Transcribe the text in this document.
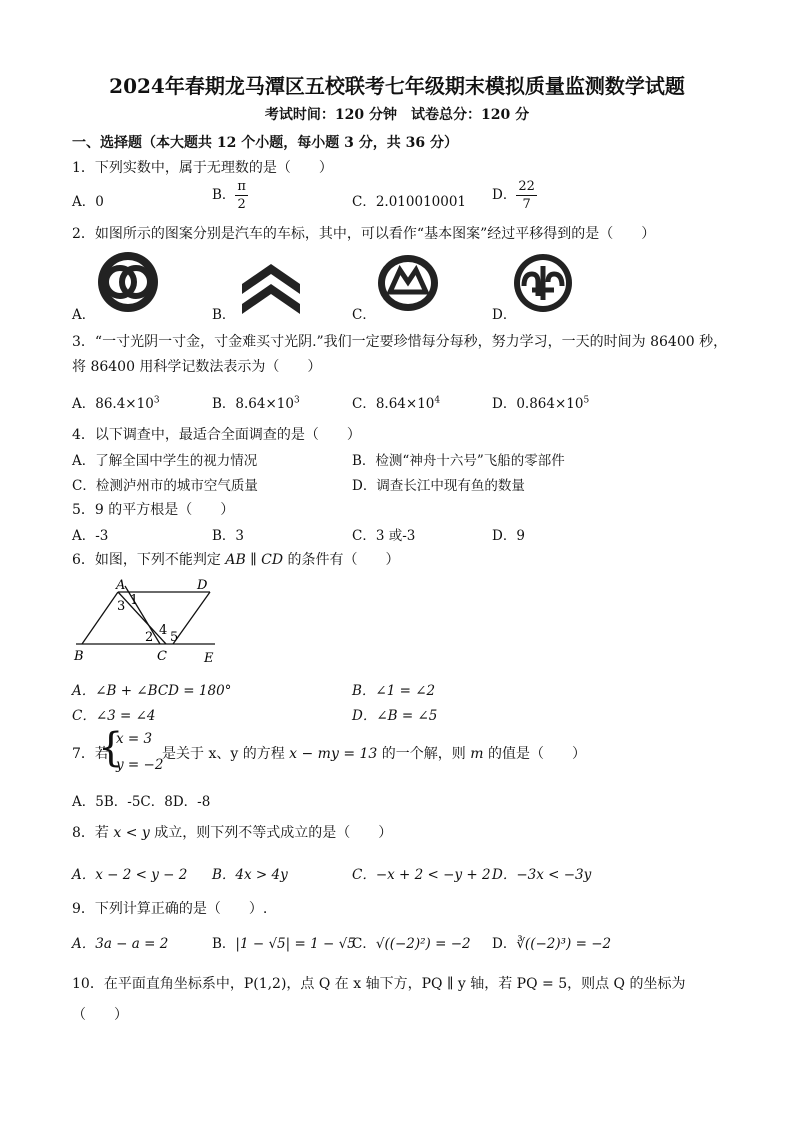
2024年春期龙马潭区五校联考七年级期末模拟质量监测数学试题
考试时间：120 分钟　试卷总分：120 分
一、选择题（本大题共 12 个小题，每小题 3 分，共 36 分）
1．下列实数中，属于无理数的是（　　）
A．0	B． $\frac{\pi}{2}$	C．2.010010001 D． $\frac{22}{7}$
2．如图所示的图案分别是汽车的车标，其中，可以看作“基本图案”经过平移得到的是（　　）
A．	B．	C．	D．
3．“一寸光阴一寸金，寸金难买寸光阴.”我们一定要珍惜每分每秒，努力学习，一天的时间为 86400 秒，
将 86400 用科学记数法表示为（　　）
A．$86.4\times 10^3$	B．$8.64\times 10^3$	C．$8.64\times 10^4$	D．$0.864\times 10^5$
4．以下调查中，最适合全面调查的是（　　）
A．了解全国中学生的视力情况	B．检测“神舟十六号”飞船的零部件
C．检测泸州市的城市空气质量	D．调查长江中现有鱼的数量
5．9 的平方根是（　　）
A．-3	B．3	C．3 或-3	D．9
6．如图，下列不能判定 AB ∥ CD 的条件有（　　）
A	D
B	C	E
1
3
4
2 5
A．∠B + ∠BCD = 180°	B．∠1 = ∠2
C．∠3 = ∠4	D．∠B = ∠5
7．若
{
x = 3
y = −2
是关于 x、y 的方程 x − my = 13 的一个解，则 m 的值是（　　）
A．5B．-5C．8D．-8
8．若 x < y 成立，则下列不等式成立的是（　　）
A．x − 2 < y − 2 B．4x > 4y	C．−x + 2 < −y + 2 D．−3x < −3y
9．下列计算正确的是（　　）.
A．3a − a = 2	B．|1 − √5| = 1 − √5
C．√((−2)²) = −2 D．∛((−2)³) = −2
10．在平面直角坐标系中，P(1,2)，点 Q 在 x 轴下方，PQ ∥ y 轴，若 PQ = 5，则点 Q 的坐标为
（　　）
